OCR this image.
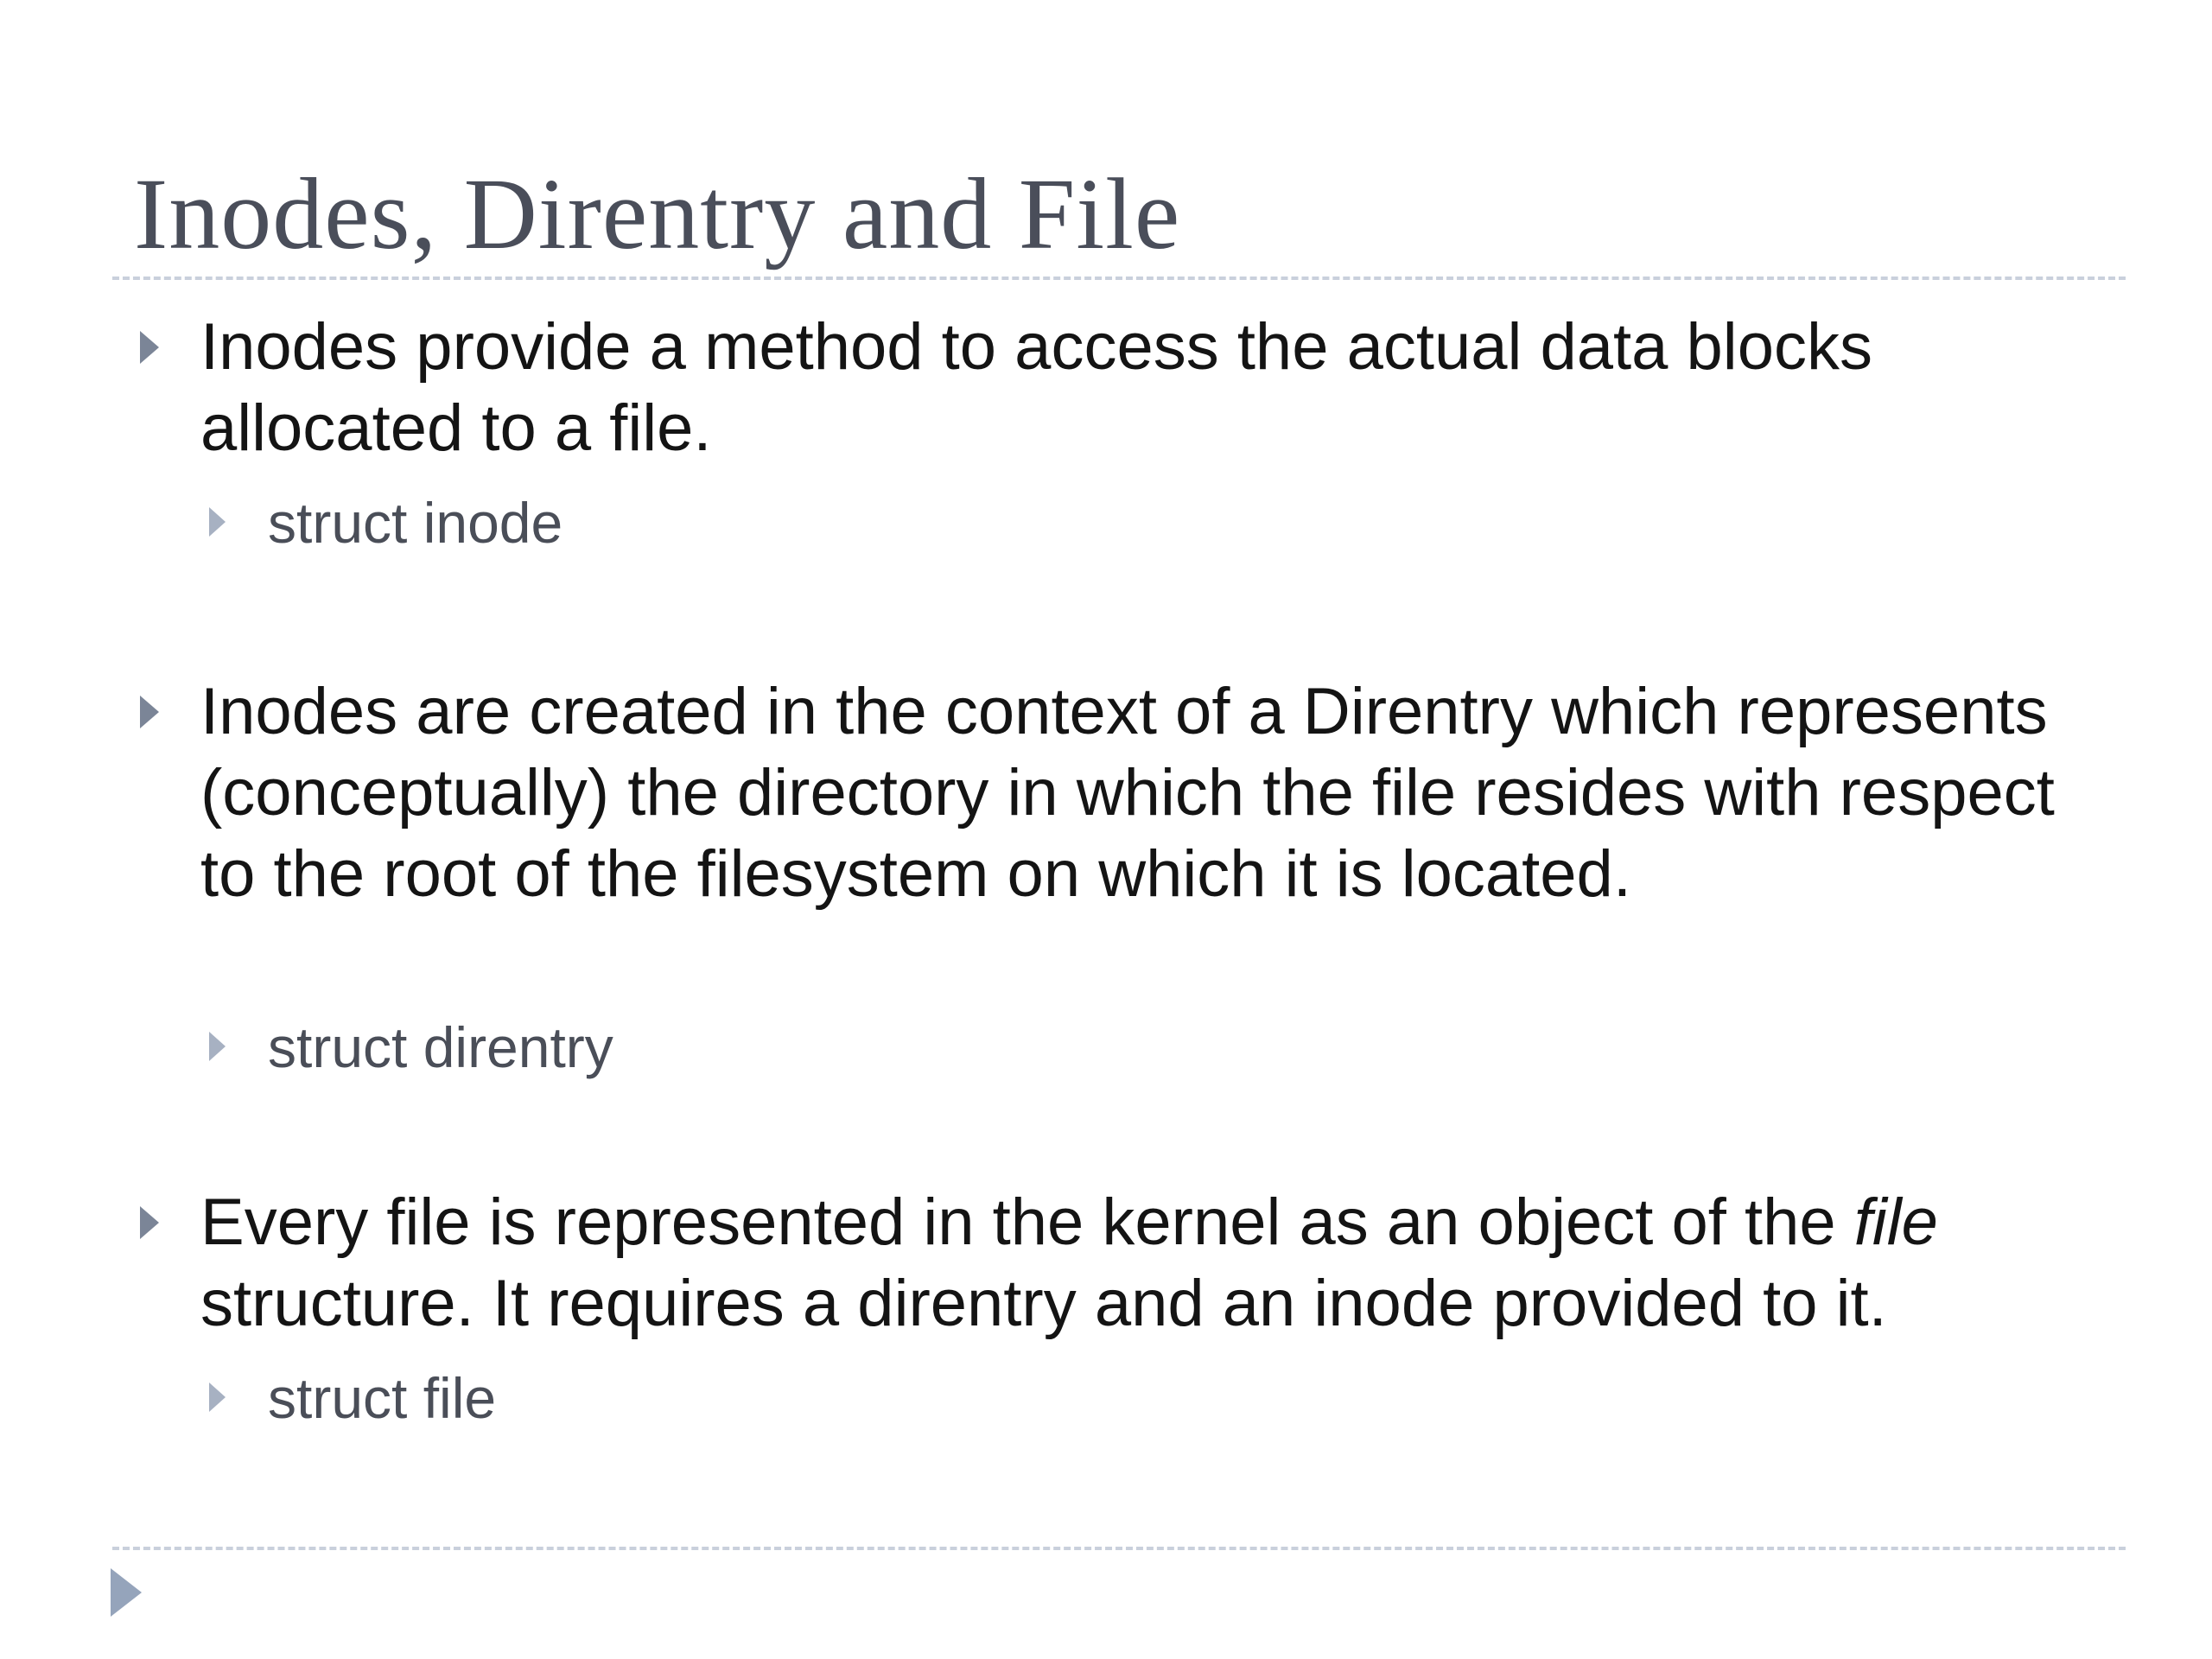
Inodes, Direntry and File
Inodes provide a method to access the actual data blocks allocated to a file.
struct inode
Inodes are created in the context of a Direntry which represents (conceptually) the directory in which the file resides with respect to the root of the filesystem on which it is located.
struct direntry
Every file is represented in the kernel as an object of the file structure. It requires a direntry and an inode provided to it.
struct file
